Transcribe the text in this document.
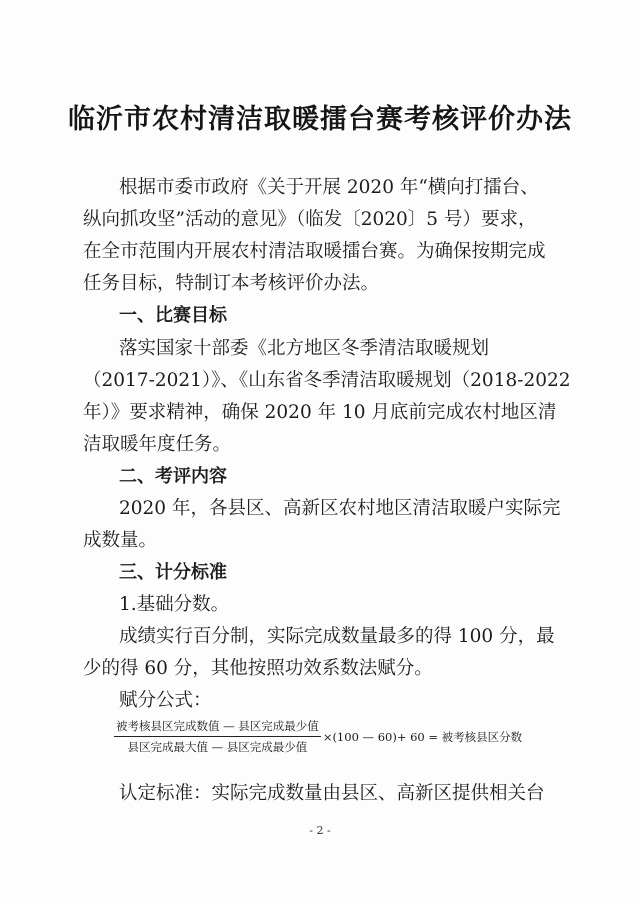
临沂市农村清洁取暖擂台赛考核评价办法
根据市委市政府《关于开展 2020 年“横向打擂台、
纵向抓攻坚”活动的意见》（临发〔2020〕5 号）要求，
在全市范围内开展农村清洁取暖擂台赛。为确保按期完成
任务目标，特制订本考核评价办法。
一、比赛目标
落实国家十部委《北方地区冬季清洁取暖规划
（2017-2021）》、《山东省冬季清洁取暖规划（2018-2022
年）》要求精神，确保 2020 年 10 月底前完成农村地区清
洁取暖年度任务。
二、考评内容
2020 年，各县区、高新区农村地区清洁取暖户实际完
成数量。
三、计分标准
1.基础分数。
成绩实行百分制，实际完成数量最多的得 100 分，最
少的得 60 分，其他按照功效系数法赋分。
赋分公式：
$\frac{\text{被考核县区完成数值 — 县区完成最少值}}{\text{县区完成最大值 — 县区完成最少值}} \times(100$ — 60)+ 60 = 被考核县区分数
认定标准：实际完成数量由县区、高新区提供相关台
- 2 -
